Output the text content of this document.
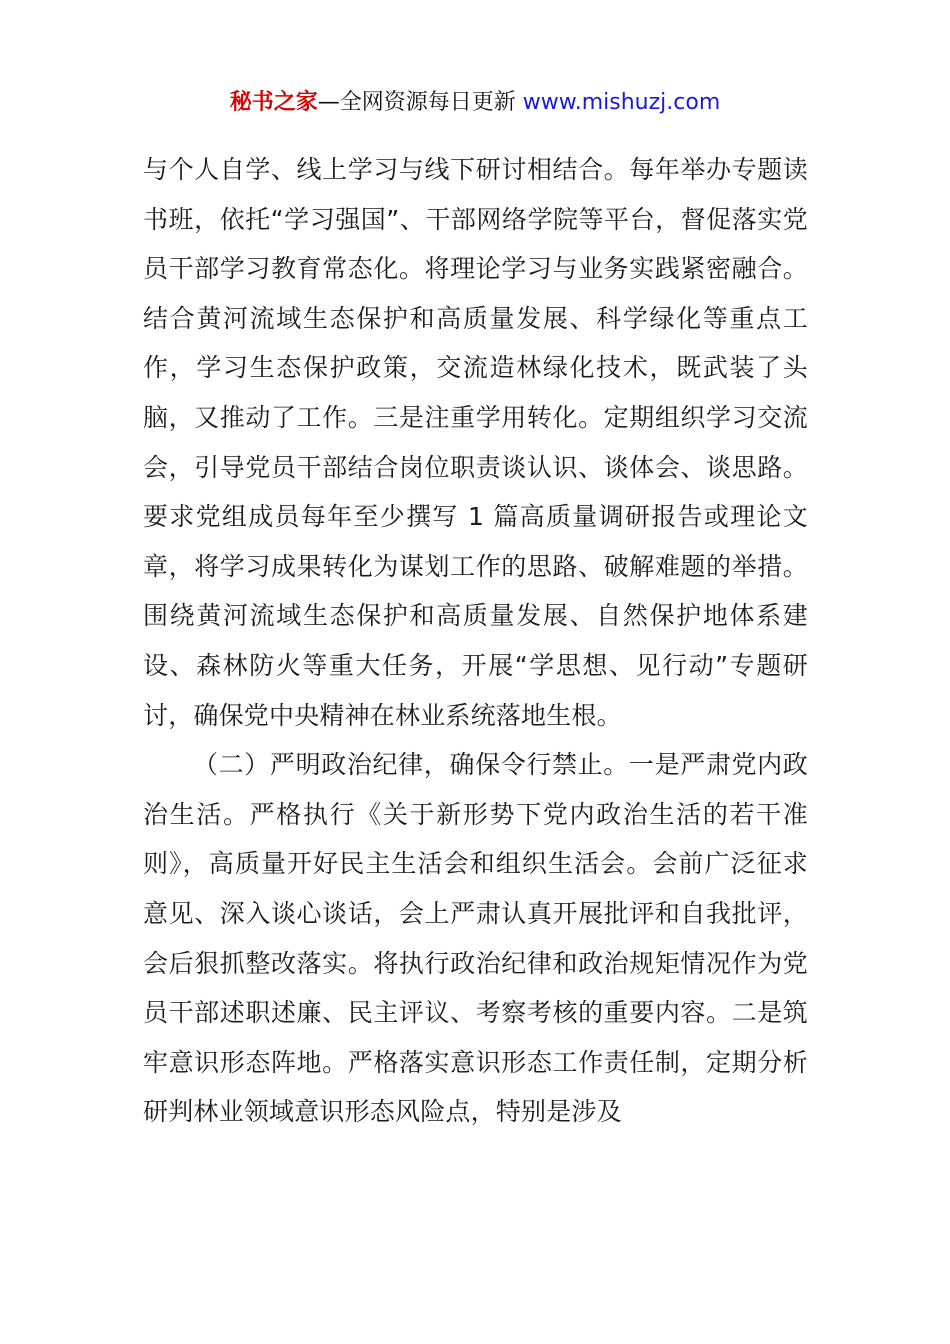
秘书之家—全网资源每日更新 www.mishuzj.com

与个人自学、线上学习与线下研讨相结合。每年举办专题读书班，依托“学习强国”、干部网络学院等平台，督促落实党员干部学习教育常态化。将理论学习与业务实践紧密融合。结合黄河流域生态保护和高质量发展、科学绿化等重点工作，学习生态保护政策，交流造林绿化技术，既武装了头脑，又推动了工作。三是注重学用转化。定期组织学习交流会，引导党员干部结合岗位职责谈认识、谈体会、谈思路。要求党组成员每年至少撰写 1 篇高质量调研报告或理论文章，将学习成果转化为谋划工作的思路、破解难题的举措。围绕黄河流域生态保护和高质量发展、自然保护地体系建设、森林防火等重大任务，开展“学思想、见行动”专题研讨，确保党中央精神在林业系统落地生根。

（二）严明政治纪律，确保令行禁止。一是严肃党内政治生活。严格执行《关于新形势下党内政治生活的若干准则》，高质量开好民主生活会和组织生活会。会前广泛征求意见、深入谈心谈话，会上严肃认真开展批评和自我批评，会后狠抓整改落实。将执行政治纪律和政治规矩情况作为党员干部述职述廉、民主评议、考察考核的重要内容。二是筑牢意识形态阵地。严格落实意识形态工作责任制，定期分析研判林业领域意识形态风险点，特别是涉及
